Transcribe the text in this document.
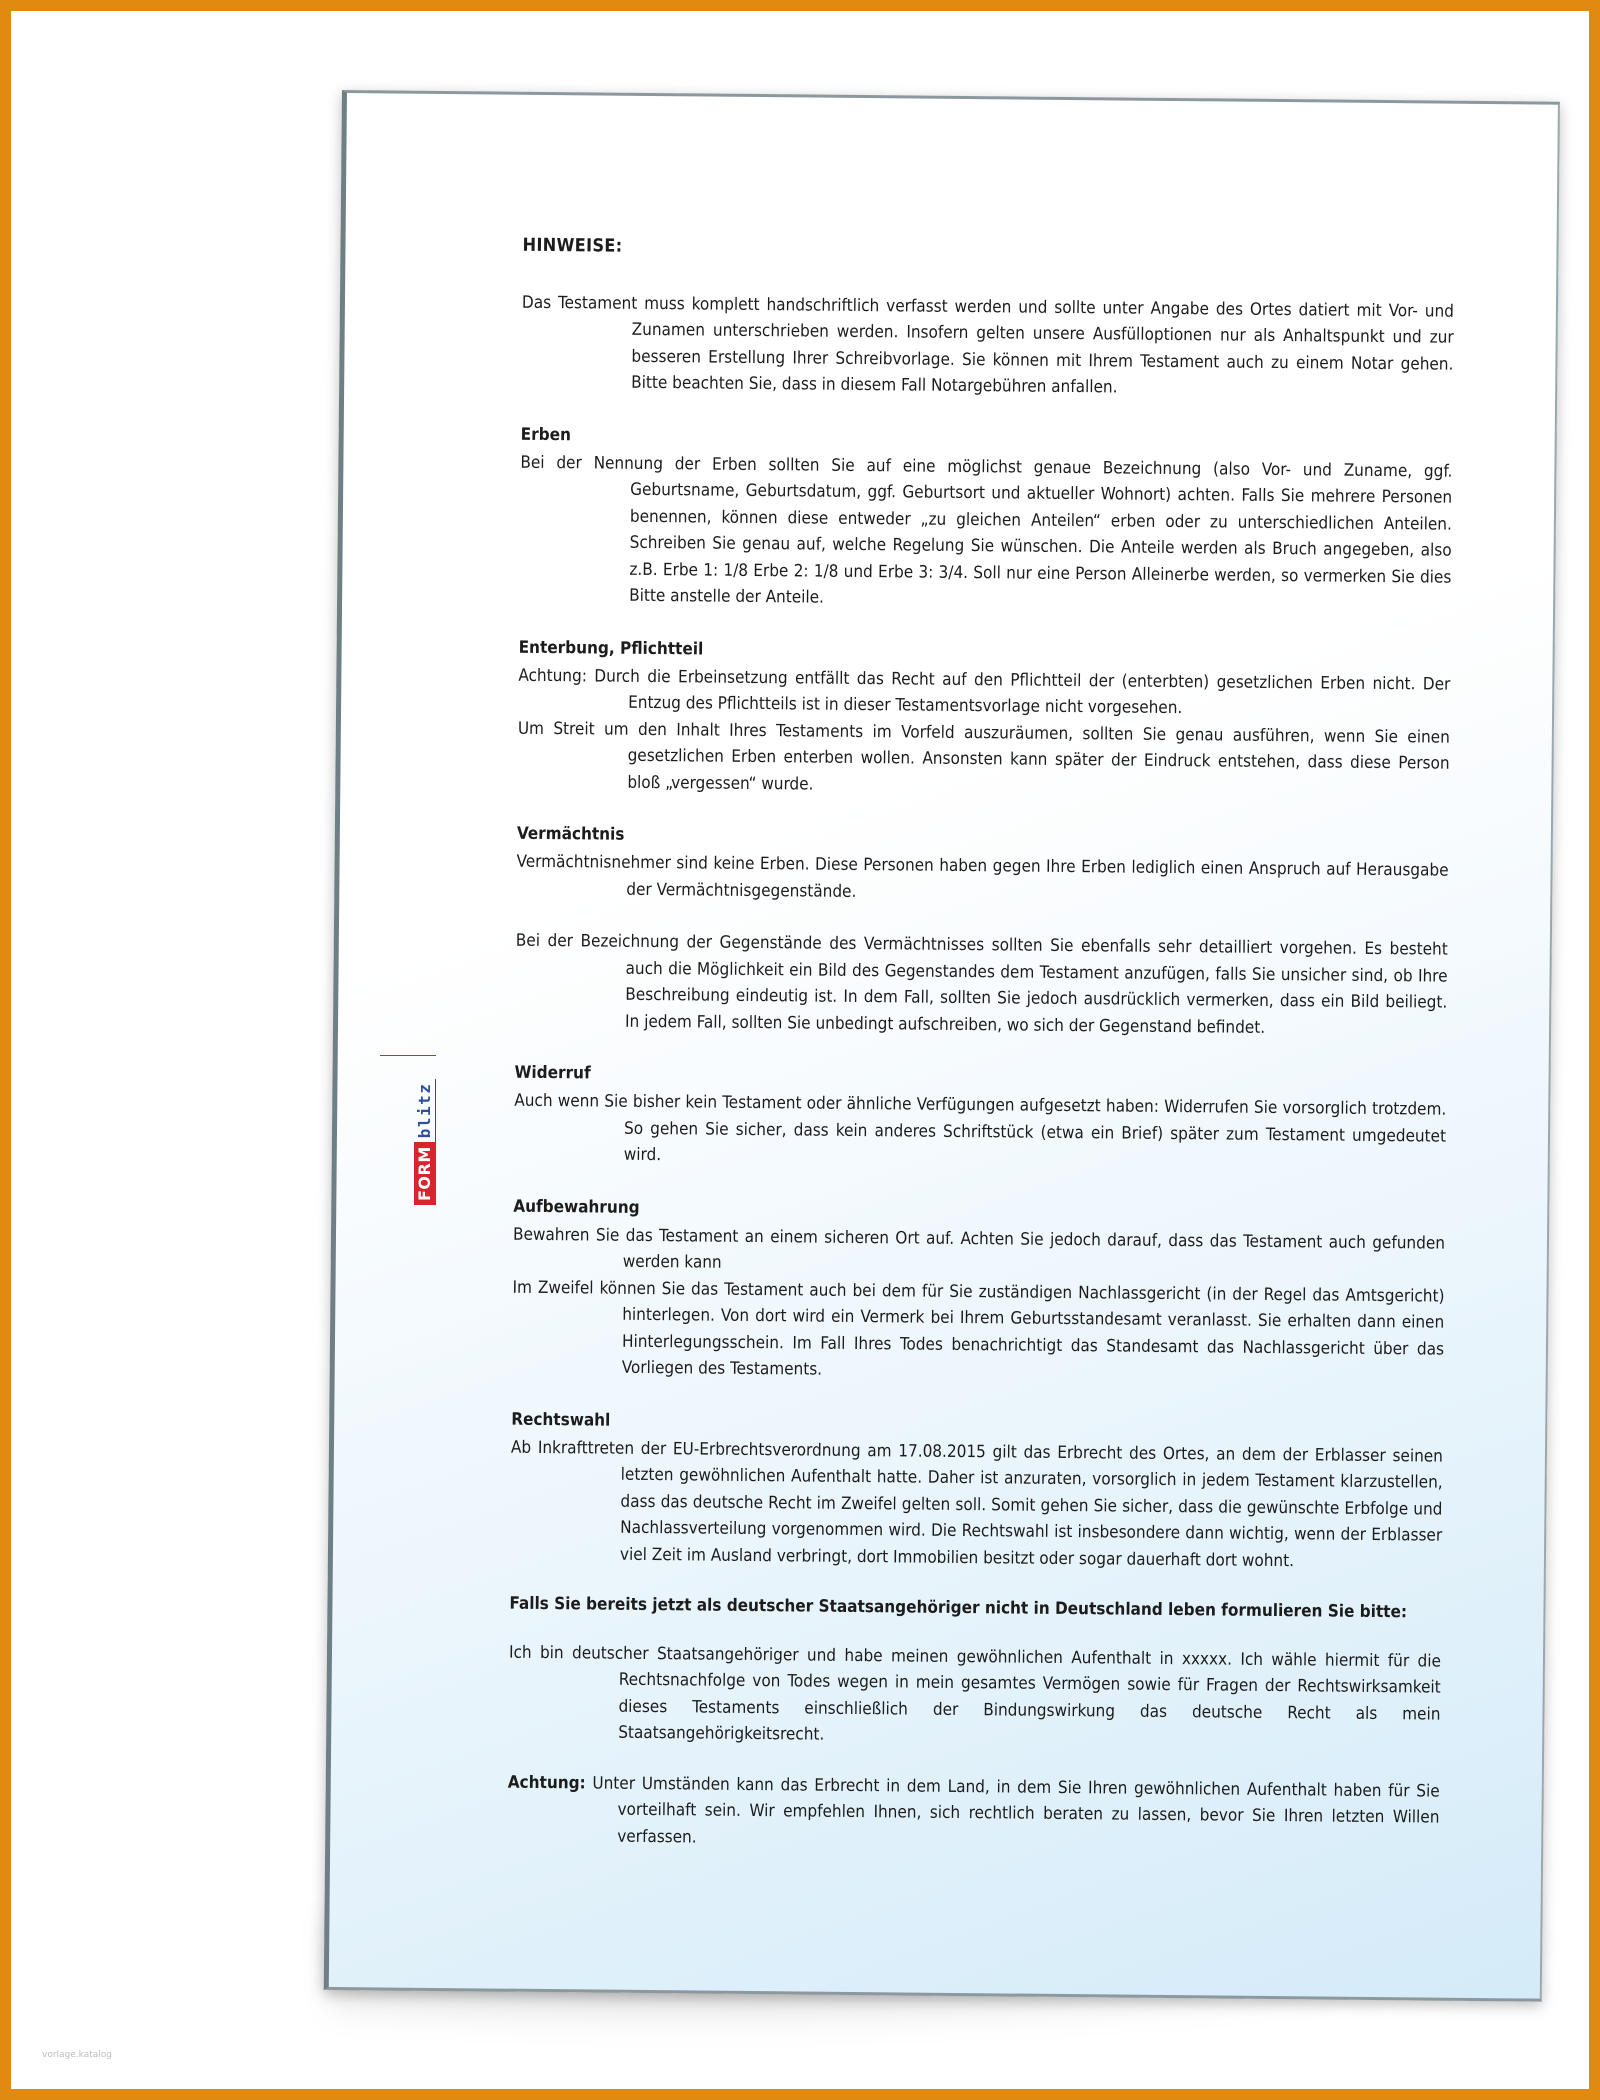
HINWEISE:

Das Testament muss komplett handschriftlich verfasst werden und sollte unter Angabe des Ortes datiert mit Vor- und Zunamen unterschrieben werden. Insofern gelten unsere Ausfülloptionen nur als Anhaltspunkt und zur besseren Erstellung Ihrer Schreibvorlage. Sie können mit Ihrem Testament auch zu einem Notar gehen. Bitte beachten Sie, dass in diesem Fall Notargebühren anfallen.

Erben

Bei der Nennung der Erben sollten Sie auf eine möglichst genaue Bezeichnung (also Vor- und Zuname, ggf. Geburtsname, Geburtsdatum, ggf. Geburtsort und aktueller Wohnort) achten. Falls Sie mehrere Personen benennen, können diese entweder „zu gleichen Anteilen“ erben oder zu unterschiedlichen Anteilen. Schreiben Sie genau auf, welche Regelung Sie wünschen. Die Anteile werden als Bruch angegeben, also z.B. Erbe 1: 1/8 Erbe 2: 1/8 und Erbe 3: 3/4. Soll nur eine Person Alleinerbe werden, so vermerken Sie dies Bitte anstelle der Anteile.

Enterbung, Pflichtteil

Achtung: Durch die Erbeinsetzung entfällt das Recht auf den Pflichtteil der (enterbten) gesetzlichen Erben nicht. Der Entzug des Pflichtteils ist in dieser Testamentsvorlage nicht vorgesehen.

Um Streit um den Inhalt Ihres Testaments im Vorfeld auszuräumen, sollten Sie genau ausführen, wenn Sie einen gesetzlichen Erben enterben wollen. Ansonsten kann später der Eindruck entstehen, dass diese Person bloß „vergessen“ wurde.

Vermächtnis

Vermächtnisnehmer sind keine Erben. Diese Personen haben gegen Ihre Erben lediglich einen Anspruch auf Herausgabe der Vermächtnisgegenstände.

Bei der Bezeichnung der Gegenstände des Vermächtnisses sollten Sie ebenfalls sehr detailliert vorgehen. Es besteht auch die Möglichkeit ein Bild des Gegenstandes dem Testament anzufügen, falls Sie unsicher sind, ob Ihre Beschreibung eindeutig ist. In dem Fall, sollten Sie jedoch ausdrücklich vermerken, dass ein Bild beiliegt. In jedem Fall, sollten Sie unbedingt aufschreiben, wo sich der Gegenstand befindet.

Widerruf

Auch wenn Sie bisher kein Testament oder ähnliche Verfügungen aufgesetzt haben: Widerrufen Sie vorsorglich trotzdem. So gehen Sie sicher, dass kein anderes Schriftstück (etwa ein Brief) später zum Testament umgedeutet wird.

Aufbewahrung

Bewahren Sie das Testament an einem sicheren Ort auf. Achten Sie jedoch darauf, dass das Testament auch gefunden werden kann

Im Zweifel können Sie das Testament auch bei dem für Sie zuständigen Nachlassgericht (in der Regel das Amtsgericht) hinterlegen. Von dort wird ein Vermerk bei Ihrem Geburtsstandesamt veranlasst. Sie erhalten dann einen Hinterlegungsschein. Im Fall Ihres Todes benachrichtigt das Standesamt das Nachlassgericht über das Vorliegen des Testaments.

Rechtswahl

Ab Inkrafttreten der EU-Erbrechtsverordnung am 17.08.2015 gilt das Erbrecht des Ortes, an dem der Erblasser seinen letzten gewöhnlichen Aufenthalt hatte. Daher ist anzuraten, vorsorglich in jedem Testament klarzustellen, dass das deutsche Recht im Zweifel gelten soll. Somit gehen Sie sicher, dass die gewünschte Erbfolge und Nachlassverteilung vorgenommen wird. Die Rechtswahl ist insbesondere dann wichtig, wenn der Erblasser viel Zeit im Ausland verbringt, dort Immobilien besitzt oder sogar dauerhaft dort wohnt.

Falls Sie bereits jetzt als deutscher Staatsangehöriger nicht in Deutschland leben formulieren Sie bitte:

Ich bin deutscher Staatsangehöriger und habe meinen gewöhnlichen Aufenthalt in xxxxx. Ich wähle hiermit für die Rechtsnachfolge von Todes wegen in mein gesamtes Vermögen sowie für Fragen der Rechtswirksamkeit dieses Testaments einschließlich der Bindungswirkung das deutsche Recht als mein Staatsangehörigkeitsrecht.

Achtung: Unter Umständen kann das Erbrecht in dem Land, in dem Sie Ihren gewöhnlichen Aufenthalt haben für Sie vorteilhaft sein. Wir empfehlen Ihnen, sich rechtlich beraten zu lassen, bevor Sie Ihren letzten Willen verfassen.

FORM
blitz
vorlage.katalog
